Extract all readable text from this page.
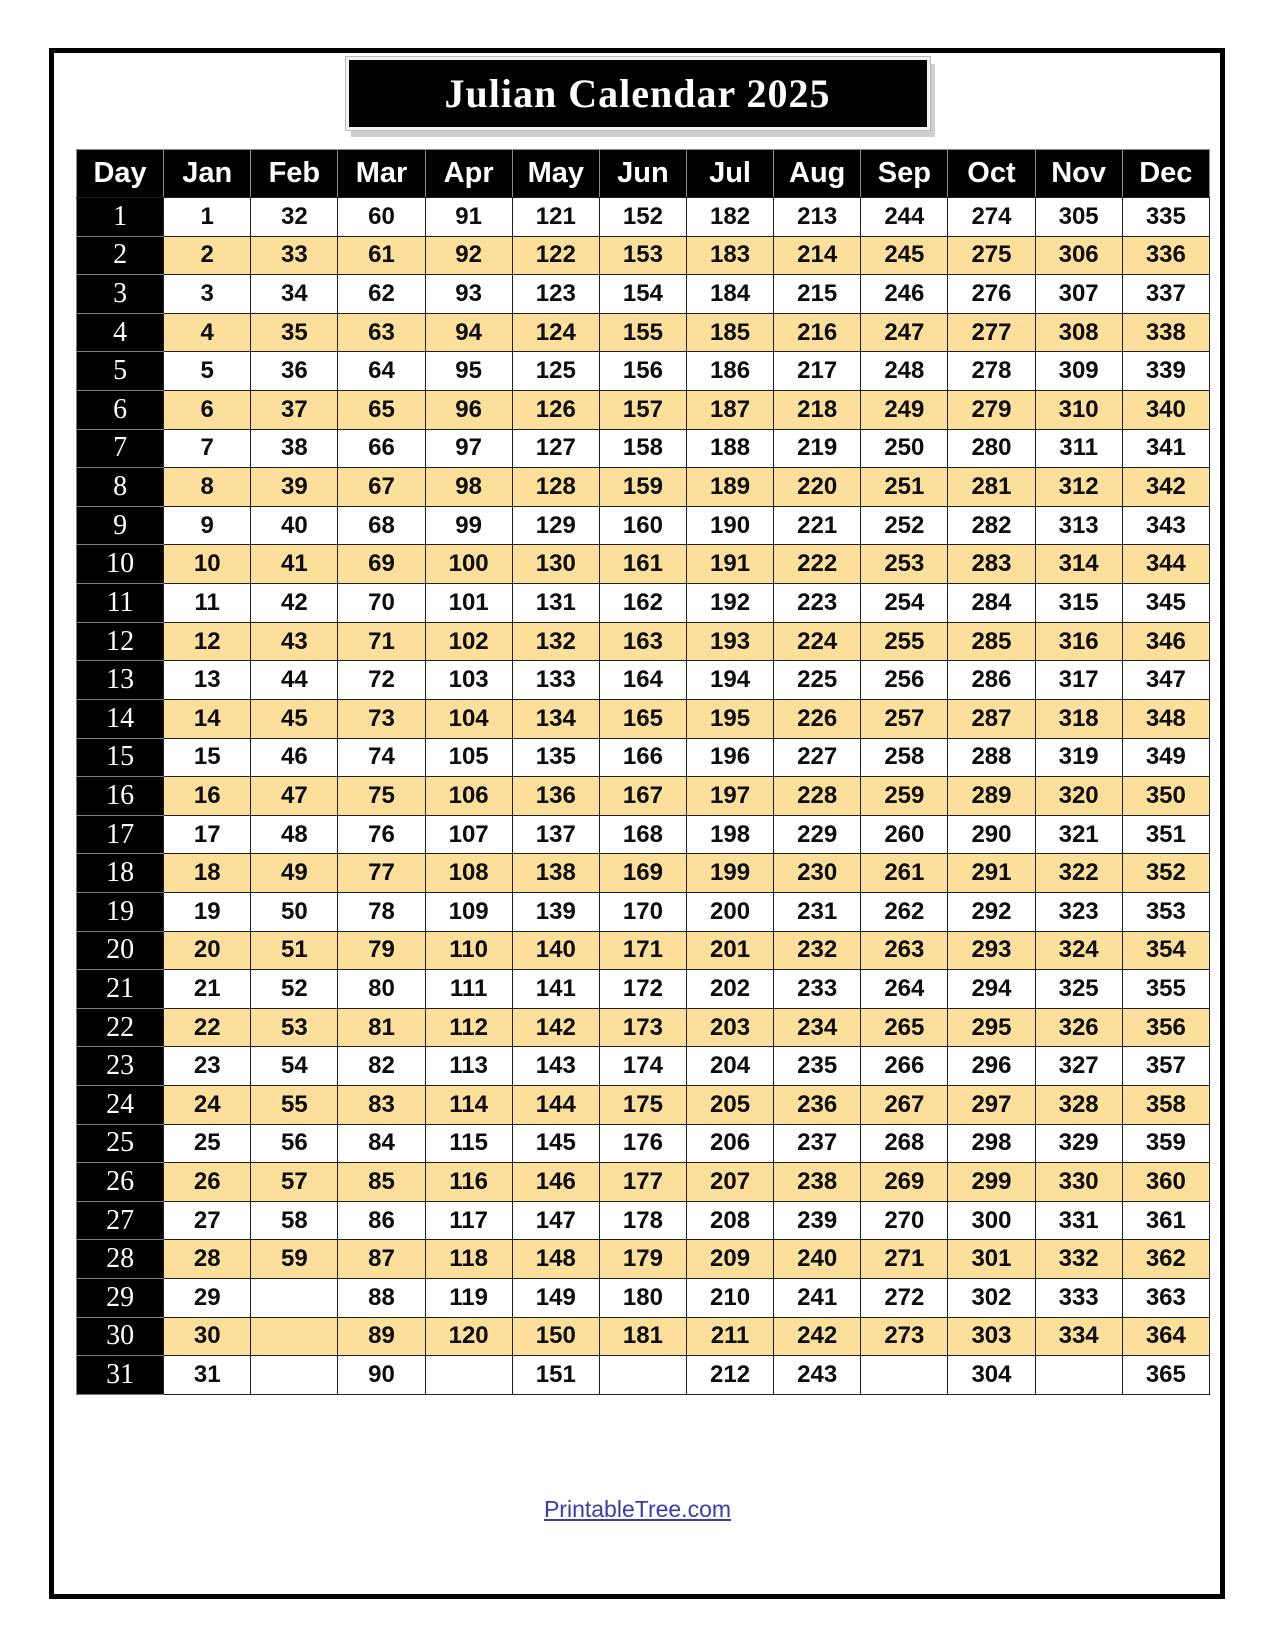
Julian Calendar 2025
Day	Jan	Feb	Mar	Apr	May	Jun	Jul	Aug	Sep	Oct	Nov	Dec
1	1	32	60	91	121	152	182	213	244	274	305	335
2	2	33	61	92	122	153	183	214	245	275	306	336
3	3	34	62	93	123	154	184	215	246	276	307	337
4	4	35	63	94	124	155	185	216	247	277	308	338
5	5	36	64	95	125	156	186	217	248	278	309	339
6	6	37	65	96	126	157	187	218	249	279	310	340
7	7	38	66	97	127	158	188	219	250	280	311	341
8	8	39	67	98	128	159	189	220	251	281	312	342
9	9	40	68	99	129	160	190	221	252	282	313	343
10	10	41	69	100	130	161	191	222	253	283	314	344
11	11	42	70	101	131	162	192	223	254	284	315	345
12	12	43	71	102	132	163	193	224	255	285	316	346
13	13	44	72	103	133	164	194	225	256	286	317	347
14	14	45	73	104	134	165	195	226	257	287	318	348
15	15	46	74	105	135	166	196	227	258	288	319	349
16	16	47	75	106	136	167	197	228	259	289	320	350
17	17	48	76	107	137	168	198	229	260	290	321	351
18	18	49	77	108	138	169	199	230	261	291	322	352
19	19	50	78	109	139	170	200	231	262	292	323	353
20	20	51	79	110	140	171	201	232	263	293	324	354
21	21	52	80	111	141	172	202	233	264	294	325	355
22	22	53	81	112	142	173	203	234	265	295	326	356
23	23	54	82	113	143	174	204	235	266	296	327	357
24	24	55	83	114	144	175	205	236	267	297	328	358
25	25	56	84	115	145	176	206	237	268	298	329	359
26	26	57	85	116	146	177	207	238	269	299	330	360
27	27	58	86	117	147	178	208	239	270	300	331	361
28	28	59	87	118	148	179	209	240	271	301	332	362
29	29		88	119	149	180	210	241	272	302	333	363
30	30		89	120	150	181	211	242	273	303	334	364
31	31		90		151		212	243		304		365
PrintableTree.com
